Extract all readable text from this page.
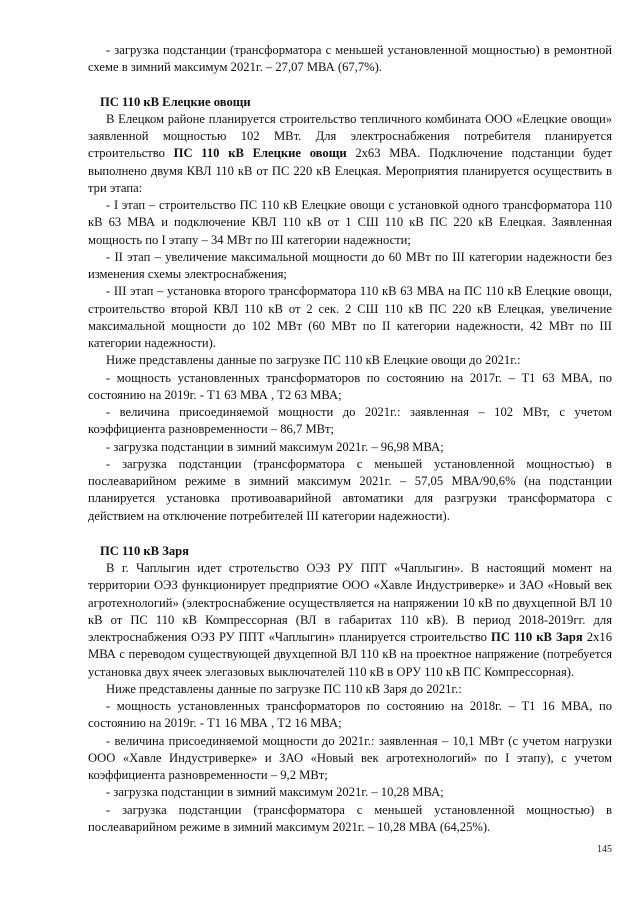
- загрузка подстанции (трансформатора с меньшей установленной мощностью) в ремонтной схеме в зимний максимум 2021г. – 27,07 МВА (67,7%).

ПС 110 кВ Елецкие овощи

В Елецком районе планируется строительство тепличного комбината ООО «Елецкие овощи» заявленной мощностью 102 МВт. Для электроснабжения потребителя планируется строительство ПС 110 кВ Елецкие овощи 2х63 МВА. Подключение подстанции будет выполнено двумя КВЛ 110 кВ от ПС 220 кВ Елецкая. Мероприятия планируется осуществить в три этапа:

- I этап – строительство ПС 110 кВ Елецкие овощи с установкой одного трансформатора 110 кВ 63 МВА и подключение КВЛ 110 кВ от 1 СШ 110 кВ ПС 220 кВ Елецкая. Заявленная мощность по I этапу – 34 МВт по III категории надежности;

- II этап – увеличение максимальной мощности до 60 МВт по III категории надежности без изменения схемы электроснабжения;

- III этап – установка второго трансформатора 110 кВ 63 МВА на ПС 110 кВ Елецкие овощи, строительство второй КВЛ 110 кВ от 2 сек. 2 СШ 110 кВ ПС 220 кВ Елецкая, увеличение максимальной мощности до 102 МВт (60 МВт по II категории надежности, 42 МВт по III категории надежности).

Ниже представлены данные по загрузке ПС 110 кВ Елецкие овощи до 2021г.:

- мощность установленных трансформаторов по состоянию на 2017г. – Т1 63 МВА, по состоянию на 2019г. - Т1 63 МВА , Т2 63 МВА;

- величина присоединяемой мощности до 2021г.: заявленная – 102 МВт, с учетом коэффициента разновременности – 86,7 МВт;

- загрузка подстанции в зимний максимум 2021г. – 96,98 МВА;

- загрузка подстанции (трансформатора с меньшей установленной мощностью) в послеаварийном режиме в зимний максимум 2021г. – 57,05 МВА/90,6% (на подстанции планируется установка противоаварийной автоматики для разгрузки трансформатора с действием на отключение потребителей III категории надежности).

ПС 110 кВ Заря

В г. Чаплыгин идет стротельство ОЭЗ РУ ППТ «Чаплыгин». В настоящий момент на территории ОЭЗ функционирует предприятие ООО «Хавле Индустриверке» и ЗАО «Новый век агротехнологий» (электроснабжение осуществляется на напряжении 10 кВ по двухцепной ВЛ 10 кВ от ПС 110 кВ Компрессорная (ВЛ в габаритах 110 кВ). В период 2018-2019гг. для электроснабжения ОЭЗ РУ ППТ «Чаплыгин» планируется строительство ПС 110 кВ Заря 2х16 МВА с переводом существующей двухцепной ВЛ 110 кВ на проектное напряжение (потребуется установка двух ячеек элегазовых выключателей 110 кВ в ОРУ 110 кВ ПС Компрессорная).

Ниже представлены данные по загрузке ПС 110 кВ Заря до 2021г.:

- мощность установленных трансформаторов по состоянию на 2018г. – Т1 16 МВА, по состоянию на 2019г. - Т1 16 МВА , Т2 16 МВА;

- величина присоединяемой мощности до 2021г.: заявленная – 10,1 МВт (с учетом нагрузки ООО «Хавле Индустриверке» и ЗАО «Новый век агротехнологий» по I этапу), с учетом коэффициента разновременности – 9,2 МВт;

- загрузка подстанции в зимний максимум 2021г. – 10,28 МВА;

- загрузка подстанции (трансформатора с меньшей установленной мощностью) в послеаварийном режиме в зимний максимум 2021г. – 10,28 МВА (64,25%).

145
